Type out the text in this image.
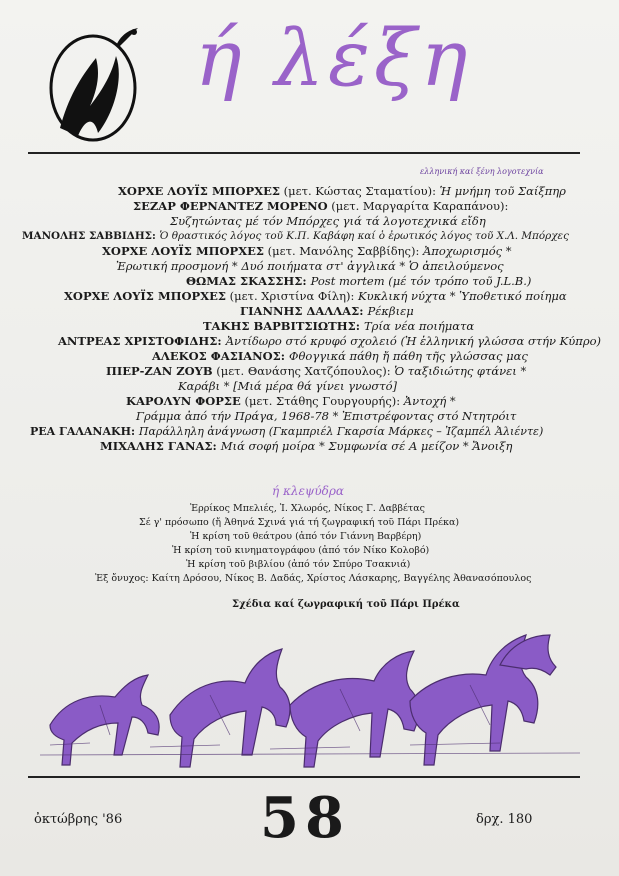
ή λέξη
ελληνική καί ξένη λογοτεχνία
ΧΟΡΧΕ ΛΟΥΪΣ ΜΠΟΡΧΕΣ (μετ. Κώστας Σταματίου): Ἡ μνήμη τοῦ Σαίξπηρ
ΣΕΖΑΡ ΦΕΡΝΑΝΤΕΖ ΜΟΡΕΝΟ (μετ. Μαργαρίτα Καραπάνου):
Συζητώντας μέ τόν Μπόρχες γιά τά λογοτεχνικά εἴδη
ΜΑΝΟΛΗΣ ΣΑΒΒΙΔΗΣ: Ὁ θραστικός λόγος τοῦ Κ.Π. Καβάφη καί ὁ ἐρωτικός λόγος τοῦ Χ.Λ. Μπόρχες
ΧΟΡΧΕ ΛΟΥΪΣ ΜΠΟΡΧΕΣ (μετ. Μανόλης Σαββίδης): Ἀποχωρισμός *
Ἐρωτική προσμονή * Δυό ποιήματα στ' ἀγγλικά * Ὁ ἀπειλούμενος
ΘΩΜΑΣ ΣΚΑΣΣΗΣ: Post mortem (μέ τόν τρόπο τοῦ J.L.B.)
ΧΟΡΧΕ ΛΟΥΪΣ ΜΠΟΡΧΕΣ (μετ. Χριστίνα Φίλη): Κυκλική νύχτα * Ὑποθετικό ποίημα
ΓΙΑΝΝΗΣ ΔΑΛΛΑΣ: Ρέκβιεμ
ΤΑΚΗΣ ΒΑΡΒΙΤΣΙΩΤΗΣ: Τρία νέα ποιήματα
ΑΝΤΡΕΑΣ ΧΡΙΣΤΟΦΙΔΗΣ: Ἀντίδωρο στό κρυφό σχολειό (Ἡ ἑλληνική γλώσσα στήν Κύπρο)
ΑΛΕΚΟΣ ΦΑΣΙΑΝΟΣ: Φθογγικά πάθη ἤ πάθη τῆς γλώσσας μας
ΠΙΕΡ-ΖΑΝ ΖΟΥΒ (μετ. Θανάσης Χατζόπουλος): Ὁ ταξιδιώτης φτάνει *
Καράβι * [Μιά μέρα θά γίνει γνωστό]
ΚΑΡΟΛΥΝ ΦΟΡΣΕ (μετ. Στάθης Γουργουρής): Ἀντοχή *
Γράμμα ἀπό τήν Πράγα, 1968-78 * Ἐπιστρέφοντας στό Ντητρόιτ
ΡΕΑ ΓΑΛΑΝΑΚΗ: Παράλληλη ἀνάγνωση (Γκαμπριέλ Γκαρσία Μάρκες – Ἰζαμπέλ Ἀλιέντε)
ΜΙΧΑΛΗΣ ΓΑΝΑΣ: Μιά σοφή μοίρα * Συμφωνία σέ Α μείζον * Ἄνοιξη
ή κλεψύδρα
Ἐρρίκος Μπελιές, Ἰ. Χλωρός, Νίκος Γ. Δαββέτας
Σέ γ' πρόσωπο (ἤ Ἀθηνά Σχινά γιά τή ζωγραφική τοῦ Πάρι Πρέκα)
Ἡ κρίση τοῦ θεάτρου (ἀπό τόν Γιάννη Βαρβέρη)
Ἡ κρίση τοῦ κινηματογράφου (ἀπό τόν Νίκο Κολοβό)
Ἡ κρίση τοῦ βιβλίου (ἀπό τόν Σπύρο Τσακνιά)
Ἐξ ὄνυχος: Καίτη Δρόσου, Νίκος Β. Δαδάς, Χρίστος Λάσκαρης, Βαγγέλης Ἀθανασόπουλος
Σχέδια καί ζωγραφική τοῦ Πάρι Πρέκα
ὀκτώβρης '86 58	δρχ. 180
